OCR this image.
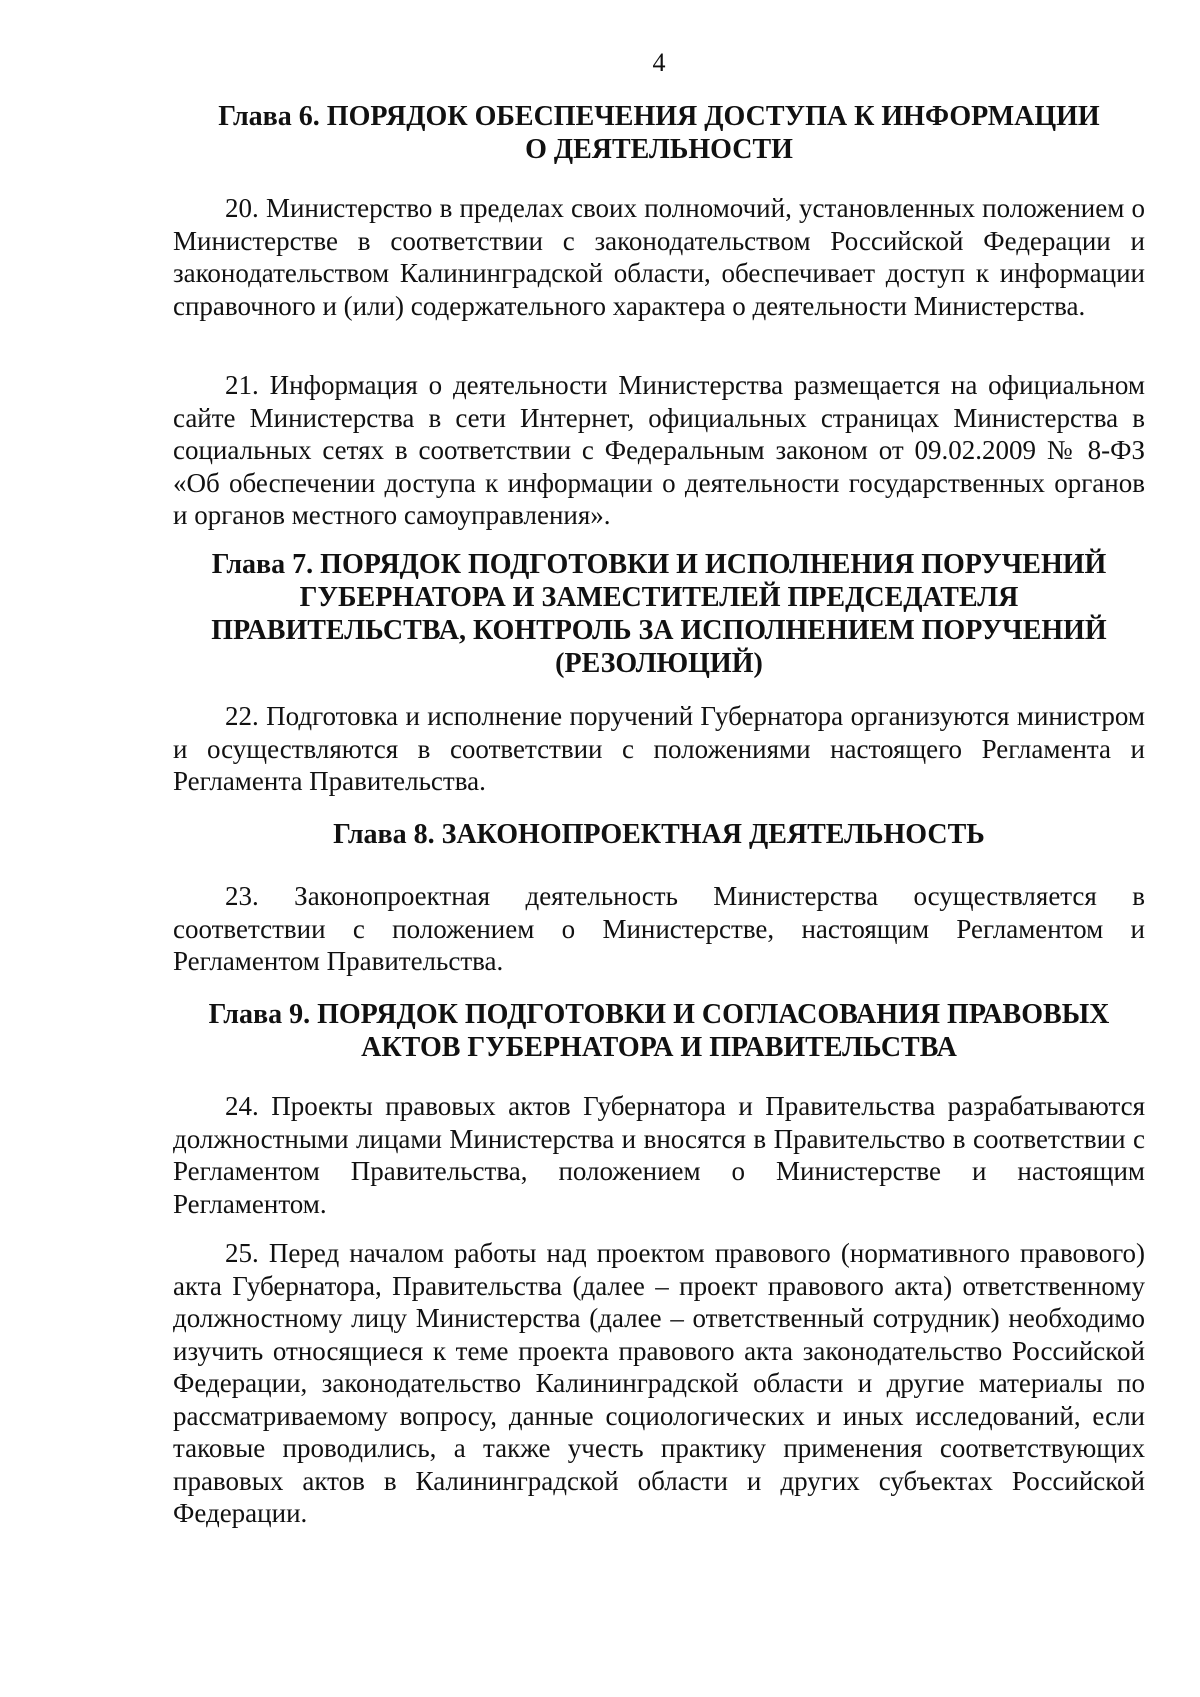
4
Глава 6. ПОРЯДОК ОБЕСПЕЧЕНИЯ ДОСТУПА К ИНФОРМАЦИИ
О ДЕЯТЕЛЬНОСТИ

20. Министерство в пределах своих полномочий, установленных положением о Министерстве в соответствии с законодательством Российской Федерации и законодательством Калининградской области, обеспечивает доступ к информации справочного и (или) содержательного характера о деятельности Министерства.

21. Информация о деятельности Министерства размещается на официальном сайте Министерства в сети Интернет, официальных страницах Министерства в социальных сетях в соответствии с Федеральным законом от 09.02.2009 № 8-ФЗ «Об обеспечении доступа к информации о деятельности государственных органов и органов местного самоуправления».

Глава 7. ПОРЯДОК ПОДГОТОВКИ И ИСПОЛНЕНИЯ ПОРУЧЕНИЙ
ГУБЕРНАТОРА И ЗАМЕСТИТЕЛЕЙ ПРЕДСЕДАТЕЛЯ
ПРАВИТЕЛЬСТВА, КОНТРОЛЬ ЗА ИСПОЛНЕНИЕМ ПОРУЧЕНИЙ
(РЕЗОЛЮЦИЙ)

22. Подготовка и исполнение поручений Губернатора организуются министром и осуществляются в соответствии с положениями настоящего Регламента и Регламента Правительства.

Глава 8. ЗАКОНОПРОЕКТНАЯ ДЕЯТЕЛЬНОСТЬ

23. Законопроектная деятельность Министерства осуществляется в соответствии с положением о Министерстве, настоящим Регламентом и Регламентом Правительства.

Глава 9. ПОРЯДОК ПОДГОТОВКИ И СОГЛАСОВАНИЯ ПРАВОВЫХ
АКТОВ ГУБЕРНАТОРА И ПРАВИТЕЛЬСТВА

24. Проекты правовых актов Губернатора и Правительства разрабатываются должностными лицами Министерства и вносятся в Правительство в соответствии с Регламентом Правительства, положением о Министерстве и настоящим Регламентом.

25. Перед началом работы над проектом правового (нормативного правового) акта Губернатора, Правительства (далее – проект правового акта) ответственному должностному лицу Министерства (далее – ответственный сотрудник) необходимо изучить относящиеся к теме проекта правового акта законодательство Российской Федерации, законодательство Калининградской области и другие материалы по рассматриваемому вопросу, данные социологических и иных исследований, если таковые проводились, а также учесть практику применения соответствующих правовых актов в Калининградской области и других субъектах Российской Федерации.
